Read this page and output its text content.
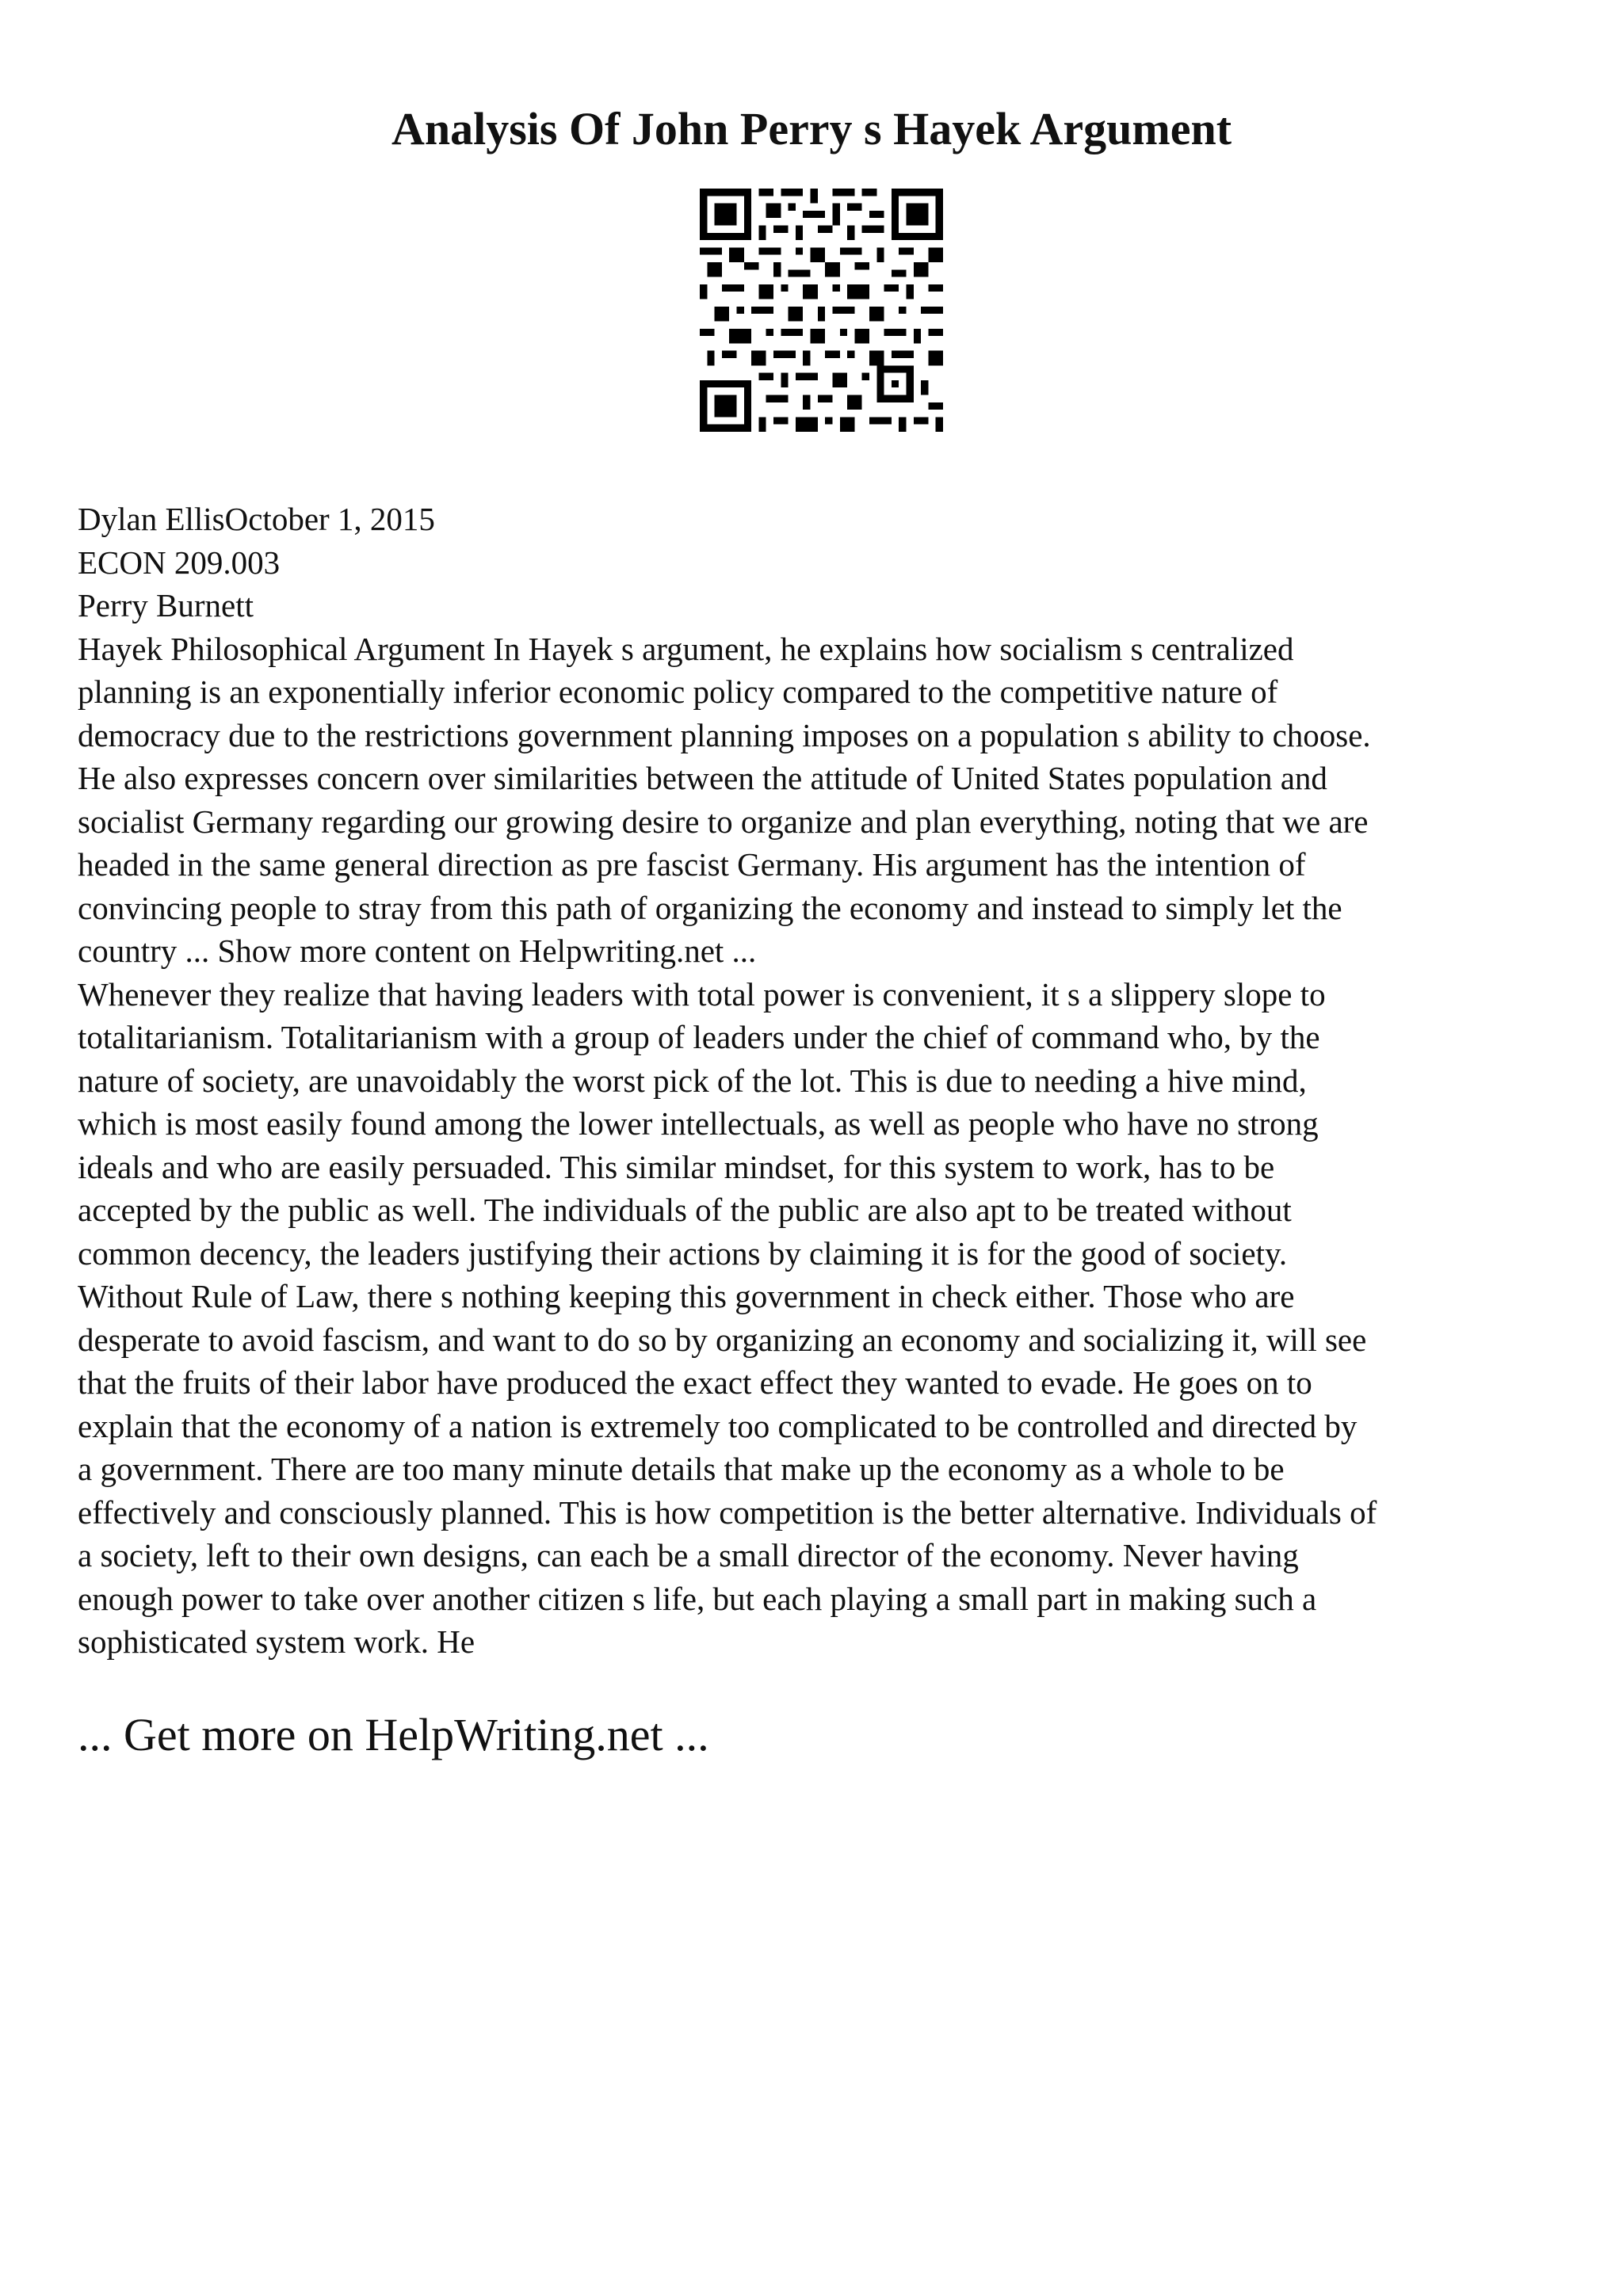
Analysis Of John Perry s Hayek Argument
Dylan EllisOctober 1, 2015
ECON 209.003
Perry Burnett
Hayek Philosophical Argument In Hayek s argument, he explains how socialism s centralized
planning is an exponentially inferior economic policy compared to the competitive nature of
democracy due to the restrictions government planning imposes on a population s ability to choose.
He also expresses concern over similarities between the attitude of United States population and
socialist Germany regarding our growing desire to organize and plan everything, noting that we are
headed in the same general direction as pre fascist Germany. His argument has the intention of
convincing people to stray from this path of organizing the economy and instead to simply let the
country ... Show more content on Helpwriting.net ...
Whenever they realize that having leaders with total power is convenient, it s a slippery slope to
totalitarianism. Totalitarianism with a group of leaders under the chief of command who, by the
nature of society, are unavoidably the worst pick of the lot. This is due to needing a hive mind,
which is most easily found among the lower intellectuals, as well as people who have no strong
ideals and who are easily persuaded. This similar mindset, for this system to work, has to be
accepted by the public as well. The individuals of the public are also apt to be treated without
common decency, the leaders justifying their actions by claiming it is for the good of society.
Without Rule of Law, there s nothing keeping this government in check either. Those who are
desperate to avoid fascism, and want to do so by organizing an economy and socializing it, will see
that the fruits of their labor have produced the exact effect they wanted to evade. He goes on to
explain that the economy of a nation is extremely too complicated to be controlled and directed by
a government. There are too many minute details that make up the economy as a whole to be
effectively and consciously planned. This is how competition is the better alternative. Individuals of
a society, left to their own designs, can each be a small director of the economy. Never having
enough power to take over another citizen s life, but each playing a small part in making such a
sophisticated system work. He
... Get more on HelpWriting.net ...
